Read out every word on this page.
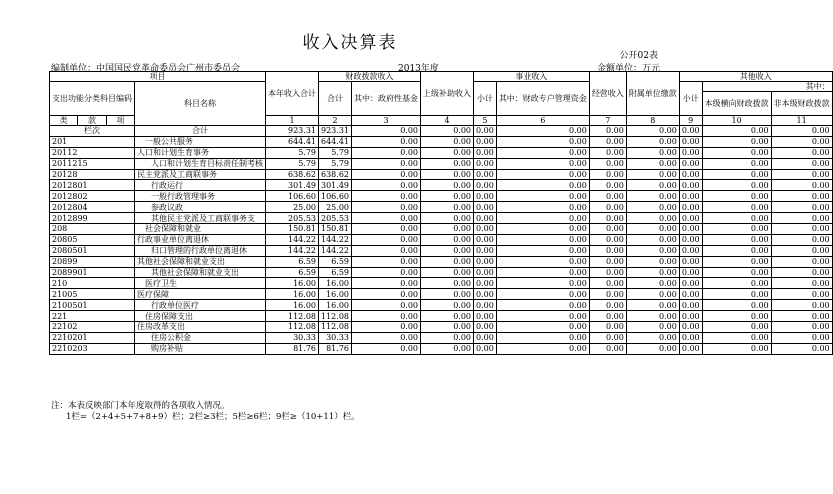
收入决算表
公开02表
编制单位：中国国民党革命委员会广州市委员会	2013年度	金额单位：万元
项目				本年收入合计	财政拨款收入		上级补助收入	事业收入		经营收入	附属单位缴款	其他收入		
支出功能分类科目编码			科目名称		合计	其中：政府性基金		小计	其中：财政专户管理资金			小计	其中：	
													本级横向财政拨款	非本级财政拨款
类	款	项		1	2	3	4	5	6	7	8	9	10	11
栏次			合计	923.31	923.31	0.00	0.00	0.00	0.00	0.00	0.00	0.00	0.00	0.00
201			一般公共服务	644.41	644.41	0.00	0.00	0.00	0.00	0.00	0.00	0.00	0.00	0.00
20112			人口和计划生育事务	5.79	5.79	0.00	0.00	0.00	0.00	0.00	0.00	0.00	0.00	0.00
2011215			人口和计划生育目标责任制考核	5.79	5.79	0.00	0.00	0.00	0.00	0.00	0.00	0.00	0.00	0.00
20128			民主党派及工商联事务	638.62	638.62	0.00	0.00	0.00	0.00	0.00	0.00	0.00	0.00	0.00
2012801			行政运行	301.49	301.49	0.00	0.00	0.00	0.00	0.00	0.00	0.00	0.00	0.00
2012802			一般行政管理事务	106.60	106.60	0.00	0.00	0.00	0.00	0.00	0.00	0.00	0.00	0.00
2012804			参政议政	25.00	25.00	0.00	0.00	0.00	0.00	0.00	0.00	0.00	0.00	0.00
2012899			其他民主党派及工商联事务支	205.53	205.53	0.00	0.00	0.00	0.00	0.00	0.00	0.00	0.00	0.00
208			社会保障和就业	150.81	150.81	0.00	0.00	0.00	0.00	0.00	0.00	0.00	0.00	0.00
20805			行政事业单位离退休	144.22	144.22	0.00	0.00	0.00	0.00	0.00	0.00	0.00	0.00	0.00
2080501			归口管理的行政单位离退休	144.22	144.22	0.00	0.00	0.00	0.00	0.00	0.00	0.00	0.00	0.00
20899			其他社会保障和就业支出	6.59	6.59	0.00	0.00	0.00	0.00	0.00	0.00	0.00	0.00	0.00
2089901			其他社会保障和就业支出	6.59	6.59	0.00	0.00	0.00	0.00	0.00	0.00	0.00	0.00	0.00
210			医疗卫生	16.00	16.00	0.00	0.00	0.00	0.00	0.00	0.00	0.00	0.00	0.00
21005			医疗保障	16.00	16.00	0.00	0.00	0.00	0.00	0.00	0.00	0.00	0.00	0.00
2100501			行政单位医疗	16.00	16.00	0.00	0.00	0.00	0.00	0.00	0.00	0.00	0.00	0.00
221			住房保障支出	112.08	112.08	0.00	0.00	0.00	0.00	0.00	0.00	0.00	0.00	0.00
22102			住房改革支出	112.08	112.08	0.00	0.00	0.00	0.00	0.00	0.00	0.00	0.00	0.00
2210201			住房公积金	30.33	30.33	0.00	0.00	0.00	0.00	0.00	0.00	0.00	0.00	0.00
2210203			购房补贴	81.76	81.76	0.00	0.00	0.00	0.00	0.00	0.00	0.00	0.00	0.00
注：本表反映部门本年度取得的各项收入情况。
1栏=（2+4+5+7+8+9）栏；2栏≥3栏；5栏≥6栏；9栏≥（10+11）栏。
